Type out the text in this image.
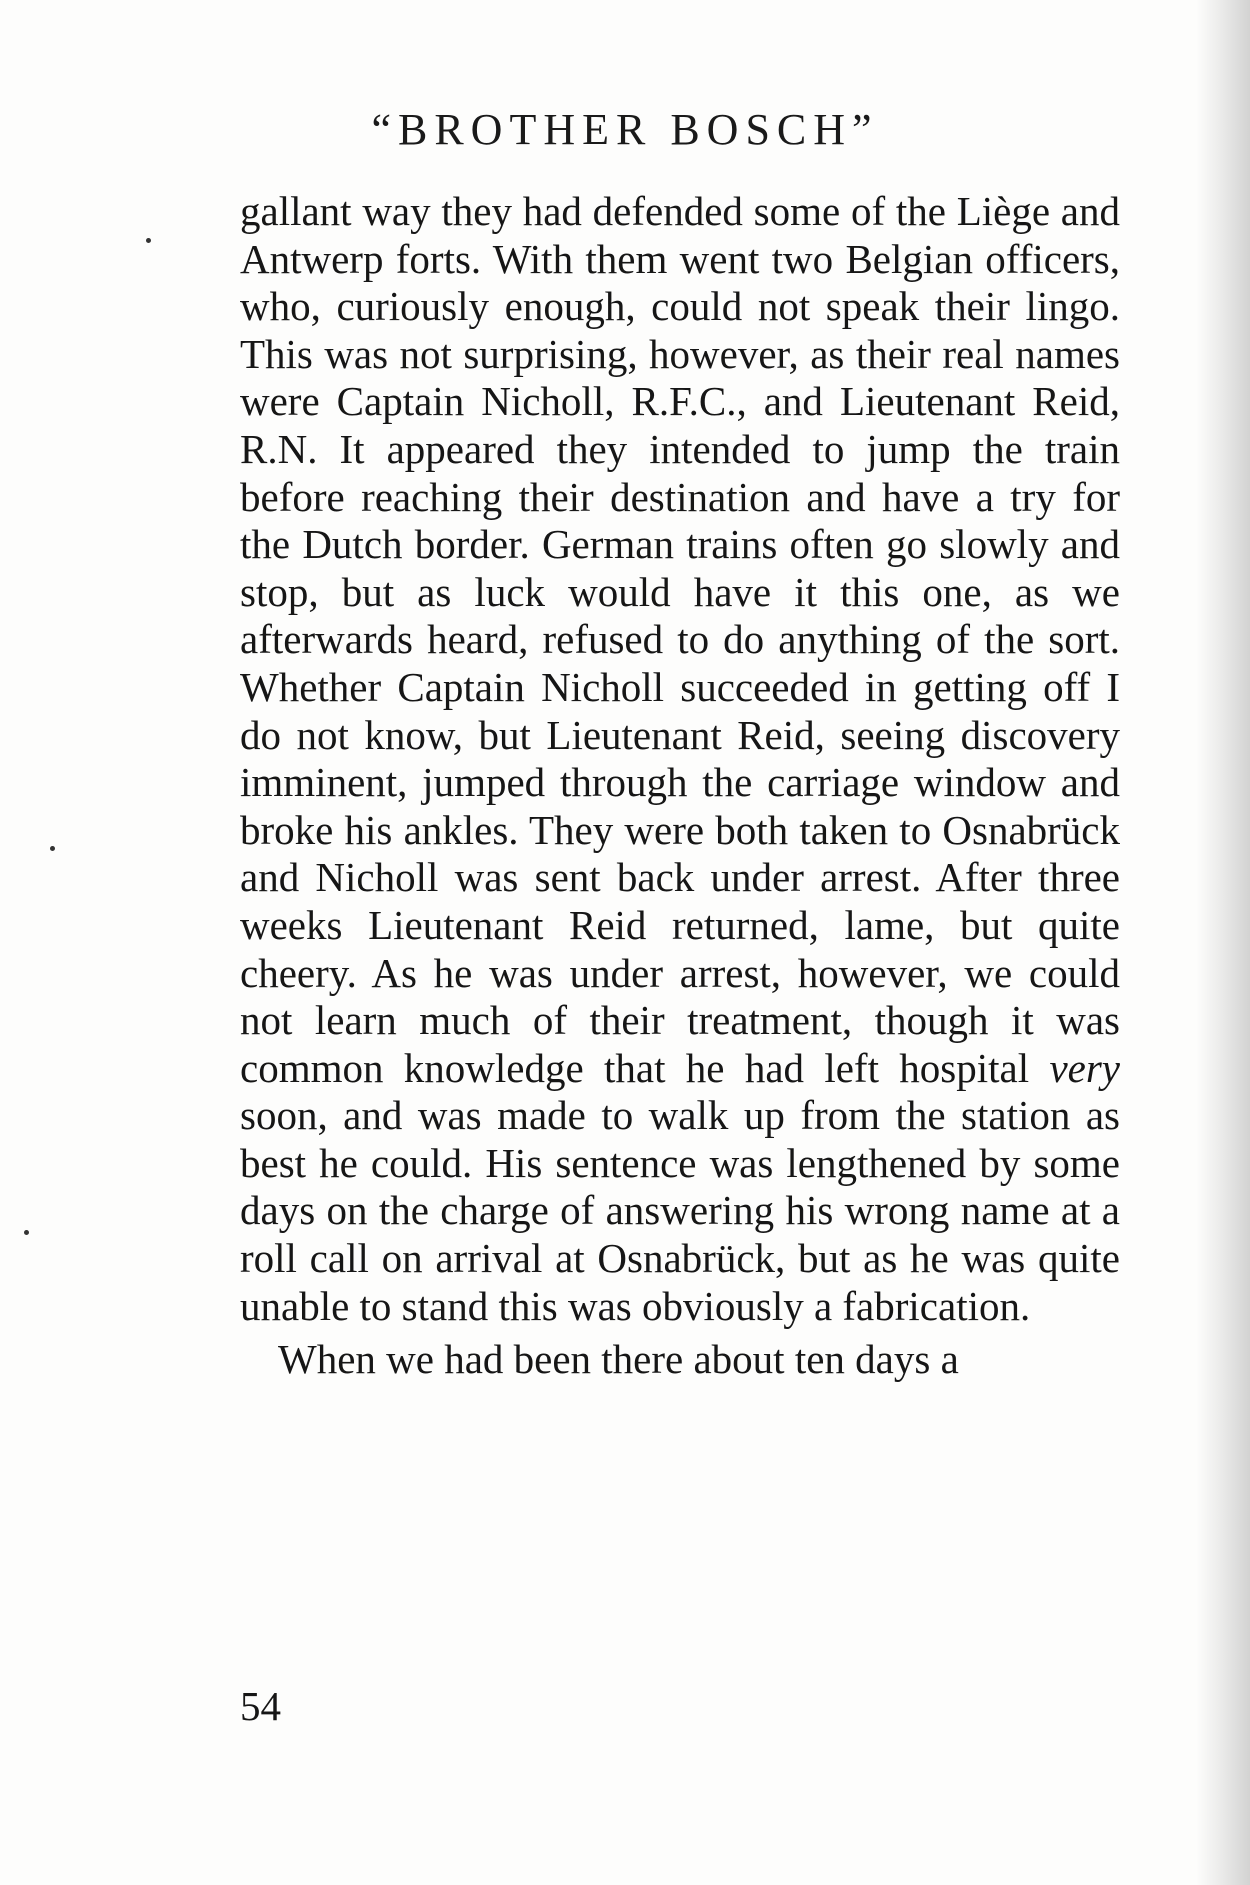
“BROTHER BOSCH”

gallant way they had defended some of the Liège and Antwerp forts. With them went two Belgian officers, who, curiously enough, could not speak their lingo. This was not surprising, however, as their real names were Captain Nicholl, R.F.C., and Lieutenant Reid, R.N. It appeared they intended to jump the train before reaching their destination and have a try for the Dutch border. German trains often go slowly and stop, but as luck would have it this one, as we afterwards heard, refused to do anything of the sort. Whether Captain Nicholl succeeded in getting off I do not know, but Lieutenant Reid, seeing discovery imminent, jumped through the carriage window and broke his ankles. They were both taken to Osnabrück and Nicholl was sent back under arrest. After three weeks Lieutenant Reid returned, lame, but quite cheery. As he was under arrest, however, we could not learn much of their treatment, though it was common knowledge that he had left hospital very soon, and was made to walk up from the station as best he could. His sentence was lengthened by some days on the charge of answering his wrong name at a roll call on arrival at Osnabrück, but as he was quite unable to stand this was obviously a fabrication.

When we had been there about ten days a

54
